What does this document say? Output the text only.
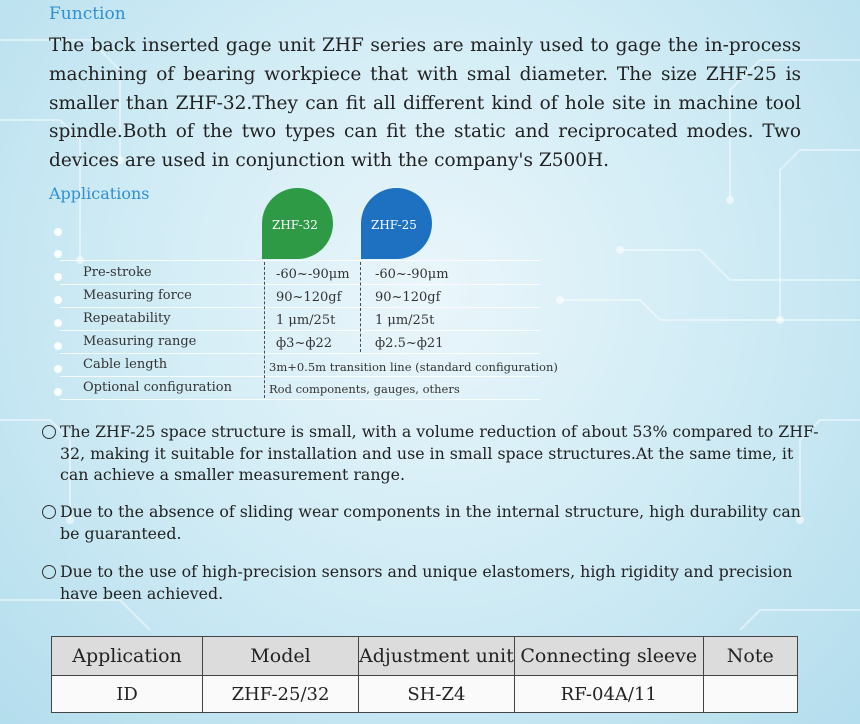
Function
The back inserted gage unit ZHF series are mainly used to gage the in-process machining of bearing workpiece that with smal diameter. The size ZHF-25 is smaller than ZHF-32.They can fit all different kind of hole site in machine tool spindle.Both of the two types can fit the static and reciprocated modes. Two devices are used in conjunction with the company's Z500H.
Applications
ZHF-32	ZHF-25
Pre-stroke	-60~-90μm -60~-90μm
Measuring force	90~120gf	90~120gf
Repeatability	1 μm/25t	1 μm/25t
Measuring range	ф3~ф22	ф2.5~ф21
Cable length	3m+0.5m transition line (standard configuration)
Optional configuration	Rod components, gauges, others
The ZHF-25 space structure is small, with a volume reduction of about 53% compared to ZHF-32, making it suitable for installation and use in small space structures.At the same time, it can achieve a smaller measurement range.
Due to the absence of sliding wear components in the internal structure, high durability can be guaranteed.
Due to the use of high-precision sensors and unique elastomers, high rigidity and precision have been achieved.
Application	Model	Adjustment unit	Connecting sleeve	Note
ID	ZHF-25/32	SH-Z4	RF-04A/11	
